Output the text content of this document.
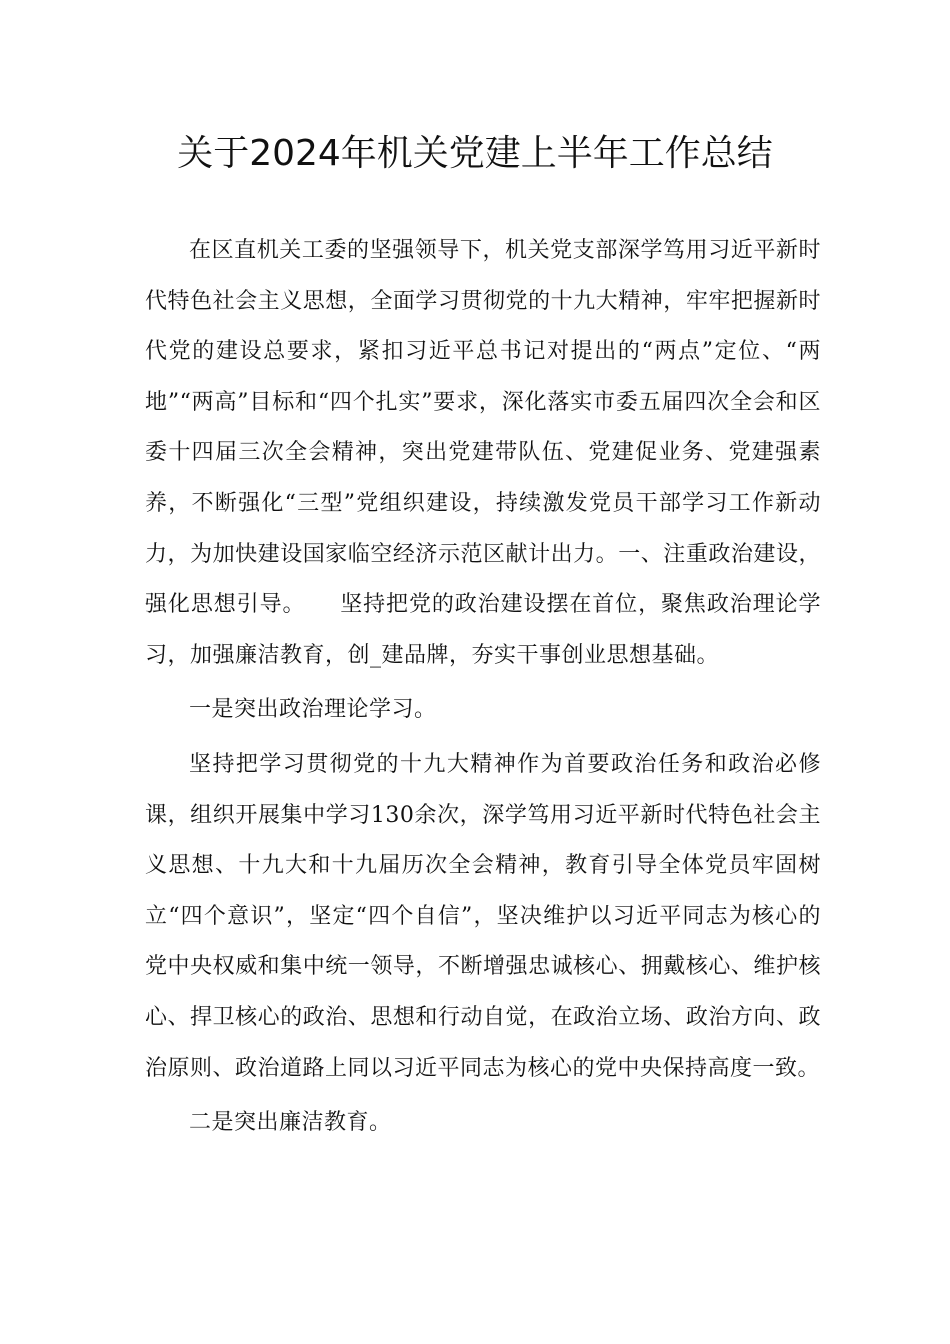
关于2024年机关党建上半年工作总结

在区直机关工委的坚强领导下，机关党支部深学笃用习近平新时代特色社会主义思想，全面学习贯彻党的十九大精神，牢牢把握新时代党的建设总要求，紧扣习近平总书记对提出的“两点”定位、“两地”“两高”目标和“四个扎实”要求，深化落实市委五届四次全会和区委十四届三次全会精神，突出党建带队伍、党建促业务、党建强素养，不断强化“三型”党组织建设，持续激发党员干部学习工作新动力，为加快建设国家临空经济示范区献计出力。一、注重政治建设，强化思想引导。　　坚持把党的政治建设摆在首位，聚焦政治理论学习，加强廉洁教育，创_建品牌，夯实干事创业思想基础。

一是突出政治理论学习。

坚持把学习贯彻党的十九大精神作为首要政治任务和政治必修课，组织开展集中学习130余次，深学笃用习近平新时代特色社会主义思想、十九大和十九届历次全会精神，教育引导全体党员牢固树立“四个意识”，坚定“四个自信”，坚决维护以习近平同志为核心的党中央权威和集中统一领导，不断增强忠诚核心、拥戴核心、维护核心、捍卫核心的政治、思想和行动自觉，在政治立场、政治方向、政治原则、政治道路上同以习近平同志为核心的党中央保持高度一致。

二是突出廉洁教育。
